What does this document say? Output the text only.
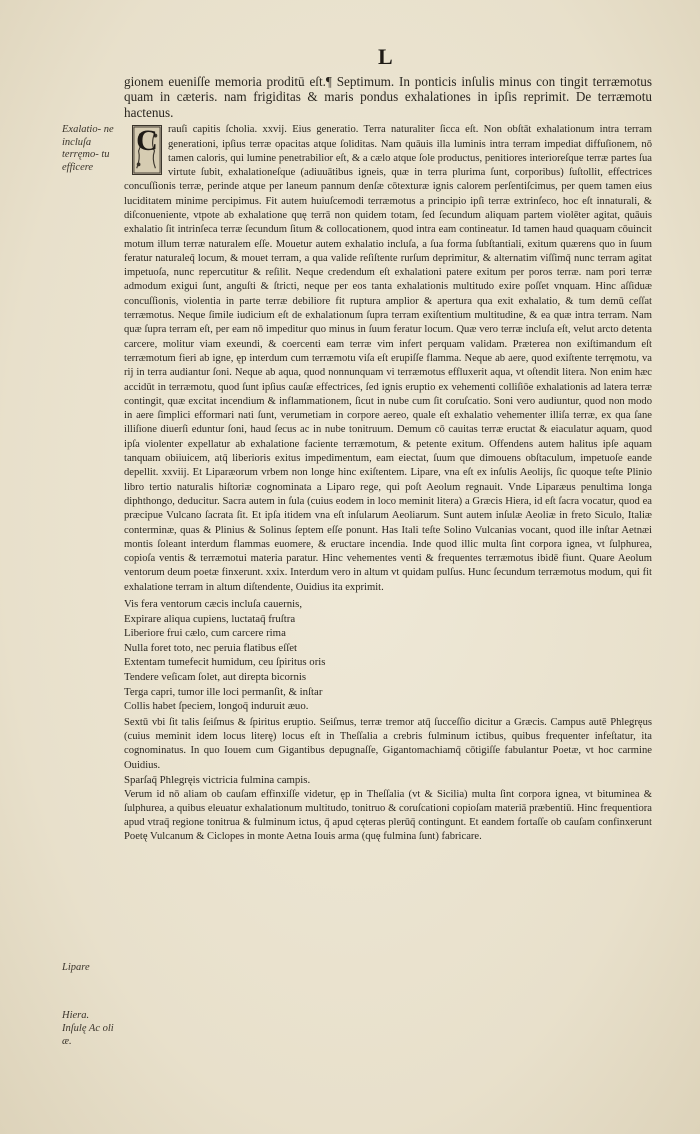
L
Exalatio- ne incluſa terręmo- tu efficere
Lipare
Hiera.
Inſulę Ac oli æ.

gionem eueniſſe memoria proditū eſt.¶ Septimum. In ponticis inſulis minus con tingit terræmotus quam in cæteris. nam frigiditas & maris pondus exhalationes in ipſis reprimit. De terræmotu hactenus.

C rauſi capitis ſcholia. xxvij. Eius generatio. Terra naturaliter ſicca eſt. Non obſtāt exhalationum intra terram generationi, ipſius terræ opacitas atque ſoliditas. Nam quāuis illa luminis intra terram impediat diffuſionem, nō tamen caloris, qui lumine penetrabilior eſt, & a cælo atque ſole productus, penitiores interioreſque terræ partes ſua virtute ſubit, exhalationeſque (adiuuātibus igneis, quæ in terra plurima ſunt, corporibus) ſuſtollit, effectrices concuſſionis terræ, perinde atque per laneum pannum denſæ cōtexturæ ignis calorem perſentiſcimus, per quem tamen eius luciditatem minime percipimus. Fit autem huiuſcemodi terræmotus a principio ipſi terræ extrinſeco, hoc eſt innaturali, & diſconueniente, vtpote ab exhalatione quę terrā non quidem totam, ſed ſecundum aliquam partem violēter agitat, quāuis exhalatio ſit intrinſeca terræ ſecundum ſitum & collocationem, quod intra eam contineatur. Id tamen haud quaquam cōuincit motum illum terræ naturalem eſſe. Mouetur autem exhalatio incluſa, a ſua forma ſubſtantiali, exitum quærens quo in ſuum feratur naturaleq̄ locum, & mouet terram, a qua valide reſiſtente rurſum deprimitur, & alternatim viſſimq̄ nunc terram agitat impetuoſa, nunc repercutitur & reſilit. Neque credendum eſt exhalationi patere exitum per poros terræ. nam pori terræ admodum exigui ſunt, anguſti & ſtricti, neque per eos tanta exhalationis multitudo exire poſſet vnquam. Hinc aſſiduæ concuſſionis, violentia in parte terræ debiliore fit ruptura amplior & apertura qua exit exhalatio, & tum demū ceſſat terræmotus. Neque ſimile iudicium eſt de exhalationum ſupra terram exiſtentium multitudine, & ea quæ intra terram. Nam quæ ſupra terram eſt, per eam nō impeditur quo minus in ſuum feratur locum. Quæ vero terræ incluſa eſt, velut arcto detenta carcere, molitur viam exeundi, & coercenti eam terræ vim infert perquam validam. Præterea non exiſtimandum eſt terræmotum fieri ab igne, ęp interdum cum terræmotu viſa eſt erupiſſe flamma. Neque ab aere, quod exiſtente terręmotu, va rij in terra audiantur ſoni. Neque ab aqua, quod nonnunquam vi terræmotus effluxerit aqua, vt oſtendit litera. Non enim hæc accidūt in terræmotu, quod ſunt ipſius cauſæ effectrices, ſed ignis eruptio ex vehementi colliſiōe exhalationis ad latera terræ contingit, quæ excitat incendium & inflammationem, ſicut in nube cum ſit coruſcatio. Soni vero audiuntur, quod non modo in aere ſimplici efformari nati ſunt, verumetiam in corpore aereo, quale eſt exhalatio vehementer illiſa terræ, ex qua ſane illiſione diuerſi eduntur ſoni, haud ſecus ac in nube tonitruum. Demum cō cauitas terræ eructat & eiaculatur aquam, quod ipſa violenter expellatur ab exhalatione faciente terræmotum, & petente exitum. Offendens autem halitus ipſe aquam tanquam obiiuicem, atq̄ liberioris exitus impedimentum, eam eiectat, ſuum que dimouens obſtaculum, impetuoſe eande depellit. xxviij. Et Liparæorum vrbem non longe hinc exiſtentem. Lipare, vna eſt ex inſulis Aeolijs, ſic quoque teſte Plinio libro tertio naturalis hiſtoriæ cognominata a Liparo rege, qui poſt Aeolum regnauit. Vnde Liparæus penultima longa diphthongo, deducitur. Sacra autem in ſula (cuius eodem in loco meminit litera) a Græcis Hiera, id eſt ſacra vocatur, quod ea præcipue Vulcano ſacrata ſit. Et ipſa itidem vna eſt inſularum Aeoliarum. Sunt autem inſulæ Aeoliæ in freto Siculo, Italiæ conterminæ, quas & Plinius & Solinus ſeptem eſſe ponunt. Has Itali teſte Solino Vulcanias vocant, quod ille inſtar Aetnæi montis ſoleant interdum flammas euomere, & eructare incendia. Inde quod illic multa ſint corpora ignea, vt ſulphurea, copioſa ventis & terræmotui materia paratur. Hinc vehementes venti & frequentes terræmotus ibidē fiunt. Quare Aeolum ventorum deum poetæ finxerunt. xxix. Interdum vero in altum vt quidam pulſus. Hunc ſecundum terræmotus modum, qui fit exhalatione terram in altum diſtendente, Ouidius ita exprimit.

Vis fera ventorum cæcis incluſa cauernis,
Expirare aliqua cupiens, luctataq̄ fruſtra
Liberiore frui cælo, cum carcere rima
Nulla foret toto, nec peruia flatibus eſſet
Extentam tumefecit humidum, ceu ſpiritus oris
Tendere veſicam ſolet, aut direpta bicornis
Terga capri, tumor ille loci permanſit, & inſtar
Collis habet ſpeciem, longoq̄ induruit æuo.

Sextū vbi ſit talis ſeiſmus & ſpiritus eruptio. Seiſmus, terræ tremor atq̄ ſucceſſio dicitur a Græcis. Campus autē Phlegręus (cuius meminit idem locus literę) locus eſt in Theſſalia a crebris fulminum ictibus, quibus frequenter infeſtatur, ita cognominatus. In quo Iouem cum Gigantibus depugnaſſe, Gigantomachiamq̄ cōtigiſſe fabulantur Poetæ, vt hoc carmine Ouidius.

Sparſaq̄ Phlegręis victricia fulmina campis.

Verum id nō aliam ob cauſam effinxiſſe videtur, ęp in Theſſalia (vt & Sicilia) multa ſint corpora ignea, vt bituminea & ſulphurea, a quibus eleuatur exhalationum multitudo, tonitruo & coruſcationi copioſam materiā præbentiū. Hinc frequentiora apud vtraq̄ regione tonitrua & fulminum ictus, q̄ apud cęteras plerūq̄ contingunt. Et eandem fortaſſe ob cauſam confinxerunt Poetę Vulcanum & Ciclopes in monte Aetna Iouis arma (quę fulmina ſunt) fabricare.
